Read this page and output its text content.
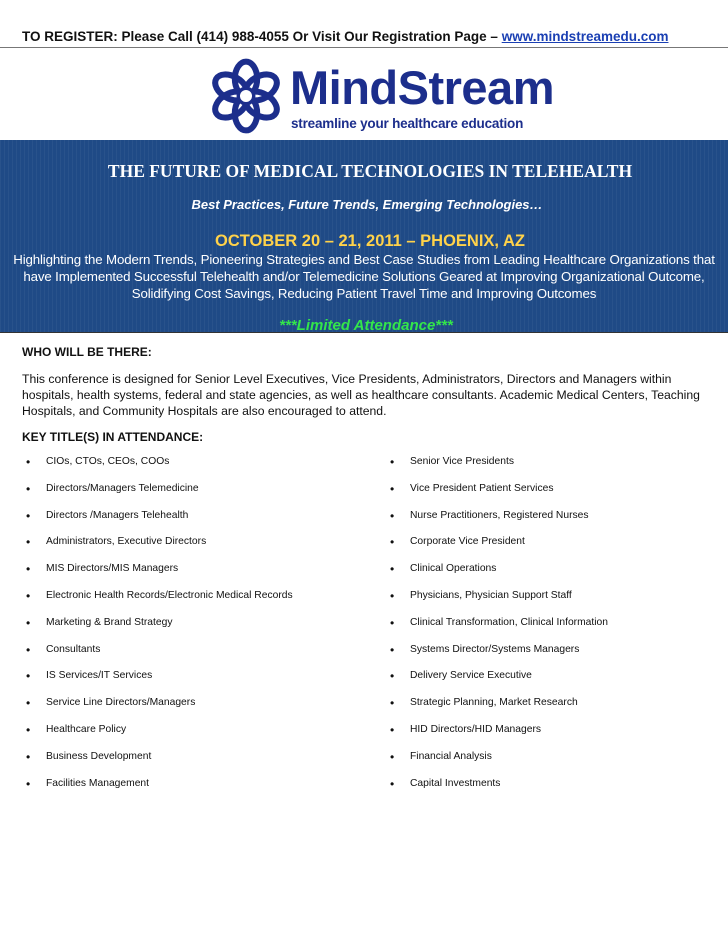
TO REGISTER: Please Call (414) 988-4055 Or Visit Our Registration Page – www.mindstreamedu.com
MindStream
streamline your healthcare education
THE FUTURE OF MEDICAL TECHNOLOGIES IN TELEHEALTH
Best Practices, Future Trends, Emerging Technologies…
OCTOBER 20 – 21, 2011 – PHOENIX, AZ
Highlighting the Modern Trends, Pioneering Strategies and Best Case Studies from Leading Healthcare Organizations that
have Implemented Successful Telehealth and/or Telemedicine Solutions Geared at Improving Organizational Outcome,
Solidifying Cost Savings, Reducing Patient Travel Time and Improving Outcomes
***Limited Attendance***
WHO WILL BE THERE:
This conference is designed for Senior Level Executives, Vice Presidents, Administrators, Directors and Managers within
hospitals, health systems, federal and state agencies, as well as healthcare consultants. Academic Medical Centers, Teaching
Hospitals, and Community Hospitals are also encouraged to attend.
KEY TITLE(S) IN ATTENDANCE:
• CIOs, CTOs, CEOs, COOs
• Directors/Managers Telemedicine
• Directors /Managers Telehealth
• Administrators, Executive Directors
• MIS Directors/MIS Managers
• Electronic Health Records/Electronic Medical Records
• Marketing & Brand Strategy
• Consultants
• IS Services/IT Services
• Service Line Directors/Managers
• Healthcare Policy
• Business Development
• Facilities Management
• Senior Vice Presidents
• Vice President Patient Services
• Nurse Practitioners, Registered Nurses
• Corporate Vice President
• Clinical Operations
• Physicians, Physician Support Staff
• Clinical Transformation, Clinical Information
• Systems Director/Systems Managers
• Delivery Service Executive
• Strategic Planning, Market Research
• HID Directors/HID Managers
• Financial Analysis
• Capital Investments
